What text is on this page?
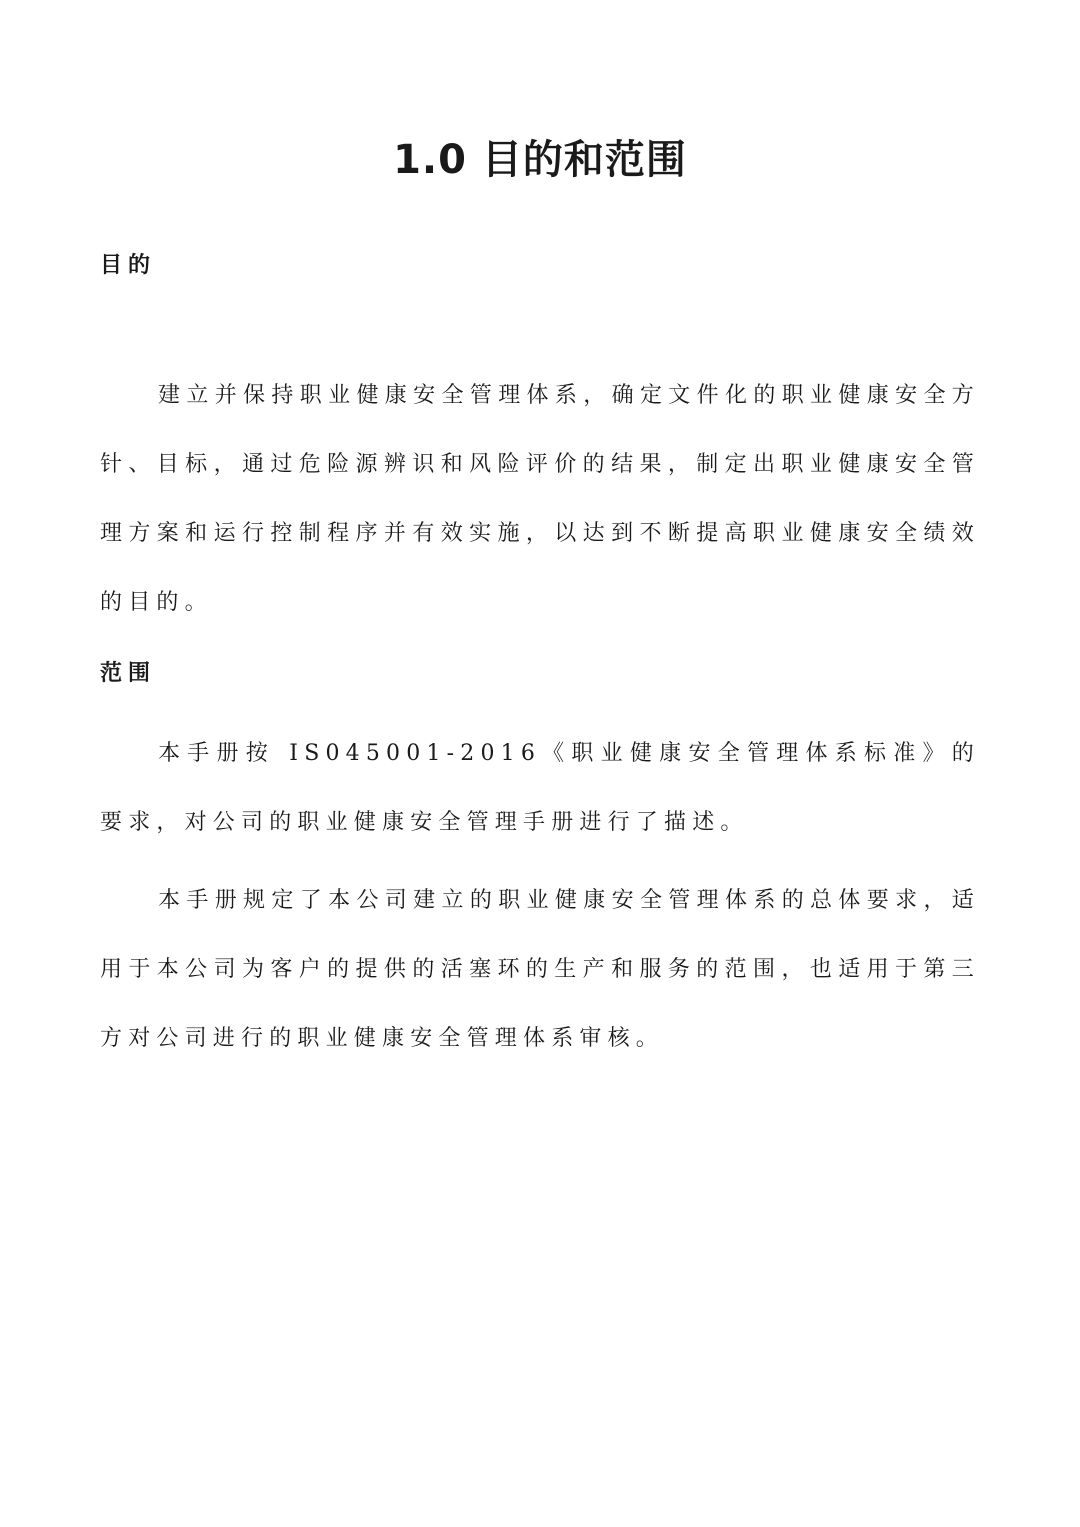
1.0 目的和范围
目的

建立并保持职业健康安全管理体系，确定文件化的职业健康安全方针、目标，通过危险源辨识和风险评价的结果，制定出职业健康安全管理方案和运行控制程序并有效实施，以达到不断提高职业健康安全绩效的目的。

范围

本手册按 IS045001-2016《职业健康安全管理体系标准》的要求，对公司的职业健康安全管理手册进行了描述。

本手册规定了本公司建立的职业健康安全管理体系的总体要求，适用于本公司为客户的提供的活塞环的生产和服务的范围，也适用于第三方对公司进行的职业健康安全管理体系审核。
